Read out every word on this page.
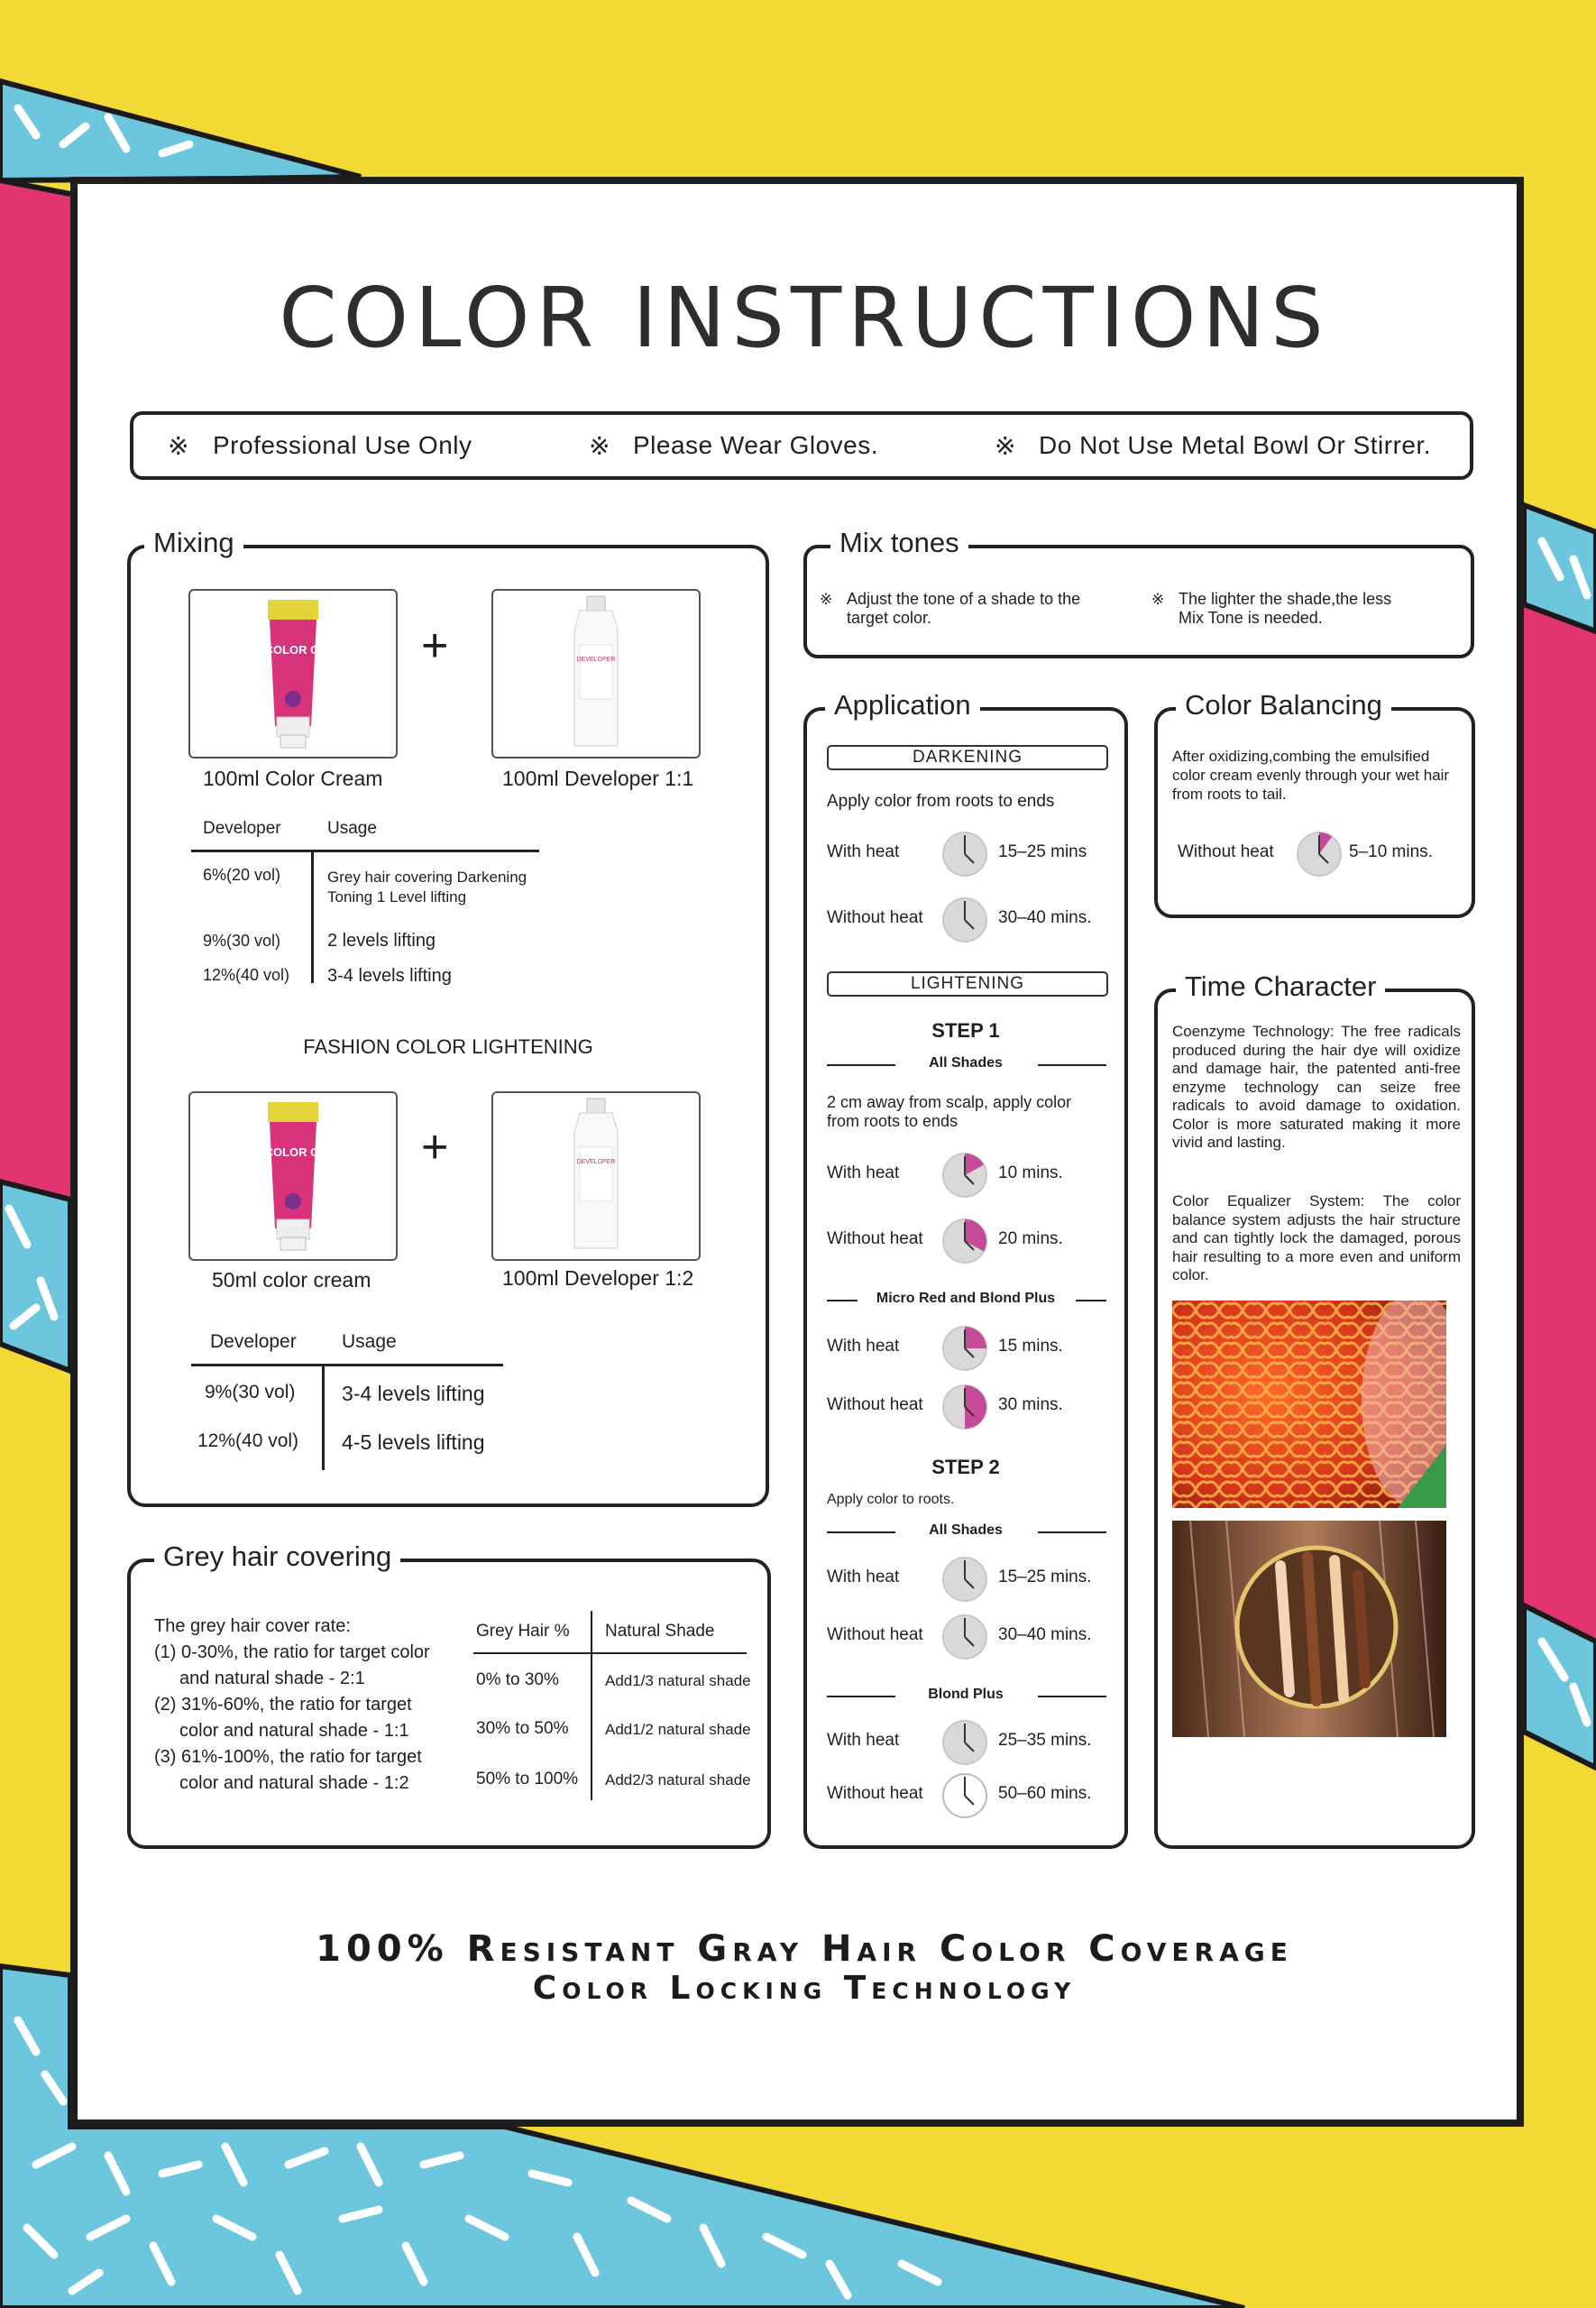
COLOR INSTRUCTIONS
※ Professional Use Only	※ Please Wear Gloves.	※ Do Not Use Metal Bowl Or Stirrer.
Mixing
HAIR COLOR CREAM +	DEVELOPER
100ml Color Cream	100ml Developer 1:1
Developer	Usage
6%(20 vol)	Grey hair covering Darkening
Toning 1 Level lifting
9%(30 vol)	2 levels lifting
12%(40 vol) 3-4 levels lifting
FASHION COLOR LIGHTENING
HAIR COLOR CREAM +	DEVELOPER
50ml color cream	100ml Developer 1:2
Developer Usage
9%(30 vol) 3-4 levels lifting
12%(40 vol) 4-5 levels lifting
Mix tones
※ Adjust the tone of a shade to the
target color.
※ The lighter the shade,the less
Mix Tone is needed.
Application
DARKENING
Apply color from roots to ends
With heat	15–25 mins
Without heat	30–40 mins.
LIGHTENING
STEP 1
All Shades
2 cm away from scalp, apply color
from roots to ends
With heat	10 mins.
Without heat	20 mins.
Micro Red and Blond Plus
With heat	15 mins.
Without heat	30 mins.
STEP 2
Apply color to roots.
All Shades
With heat	15–25 mins.
Without heat	30–40 mins.
Blond Plus
With heat	25–35 mins.
Without heat	50–60 mins.
Color Balancing
After oxidizing,combing the emulsified color cream evenly through your wet hair from roots to tail.
Without heat	5–10 mins.
Time Character
Coenzyme Technology: The free radicals produced during the hair dye will oxidize and damage hair, the patented anti-free enzyme technology can seize free radicals to avoid damage to oxidation. Color is more saturated making it more vivid and lasting.
Color Equalizer System: The color balance system adjusts the hair structure and can tightly lock the damaged, porous hair resulting to a more even and uniform color.
Grey hair covering
The grey hair cover rate:
(1) 0-30%, the ratio for target color
and natural shade - 2:1
(2) 31%-60%, the ratio for target
color and natural shade - 1:1
(3) 61%-100%, the ratio for target
color and natural shade - 1:2
Grey Hair % Natural Shade
0% to 30%	Add1/3 natural shade
30% to 50% Add1/2 natural shade
50% to 100% Add2/3 natural shade
100% Resistant Gray Hair Color Coverage
Color Locking Technology
